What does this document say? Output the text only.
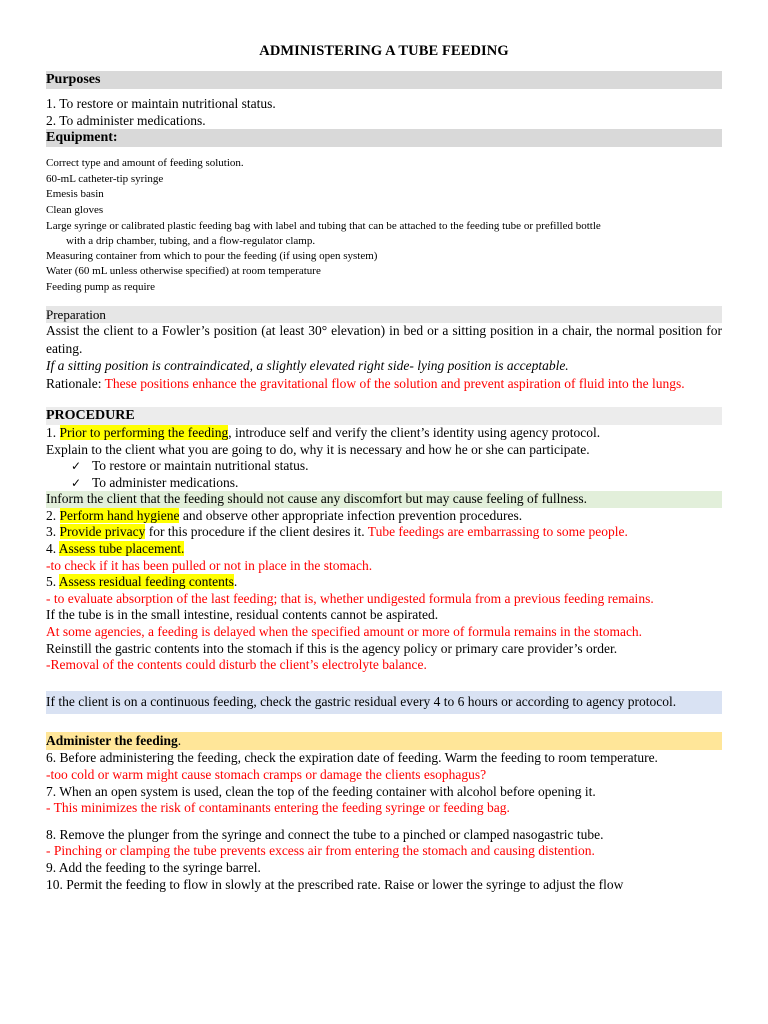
ADMINISTERING A TUBE FEEDING
Purposes
1. To restore or maintain nutritional status.
2. To administer medications.
Equipment:
Correct type and amount of feeding solution.
60-mL catheter-tip syringe
Emesis basin
Clean gloves
Large syringe or calibrated plastic feeding bag with label and tubing that can be attached to the feeding tube or prefilled bottle
with a drip chamber, tubing, and a flow-regulator clamp.
Measuring container from which to pour the feeding (if using open system)
Water (60 mL unless otherwise specified) at room temperature
Feeding pump as require
Preparation
Assist the client to a Fowler’s position (at least 30° elevation) in bed or a sitting position in a chair, the normal position for eating.
If a sitting position is contraindicated, a slightly elevated right side- lying position is acceptable.
Rationale: These positions enhance the gravitational flow of the solution and prevent aspiration of fluid into the lungs.
PROCEDURE
1. Prior to performing the feeding, introduce self and verify the client’s identity using agency protocol.
Explain to the client what you are going to do, why it is necessary and how he or she can participate.
✓ To restore or maintain nutritional status.
✓ To administer medications.
Inform the client that the feeding should not cause any discomfort but may cause feeling of fullness.
2. Perform hand hygiene and observe other appropriate infection prevention procedures.
3. Provide privacy for this procedure if the client desires it. Tube feedings are embarrassing to some people.
4. Assess tube placement.
-to check if it has been pulled or not in place in the stomach.
5. Assess residual feeding contents.
- to evaluate absorption of the last feeding; that is, whether undigested formula from a previous feeding remains.
If the tube is in the small intestine, residual contents cannot be aspirated.
At some agencies, a feeding is delayed when the specified amount or more of formula remains in the stomach.
Reinstill the gastric contents into the stomach if this is the agency policy or primary care provider’s order.
-Removal of the contents could disturb the client’s electrolyte balance.
If the client is on a continuous feeding, check the gastric residual every 4 to 6 hours or according to agency protocol.
Administer the feeding.
6. Before administering the feeding, check the expiration date of feeding. Warm the feeding to room temperature.
-too cold or warm might cause stomach cramps or damage the clients esophagus?
7. When an open system is used, clean the top of the feeding container with alcohol before opening it.
- This minimizes the risk of contaminants entering the feeding syringe or feeding bag.
8. Remove the plunger from the syringe and connect the tube to a pinched or clamped nasogastric tube.
- Pinching or clamping the tube prevents excess air from entering the stomach and causing distention.
9. Add the feeding to the syringe barrel.
10. Permit the feeding to flow in slowly at the prescribed rate. Raise or lower the syringe to adjust the flow
